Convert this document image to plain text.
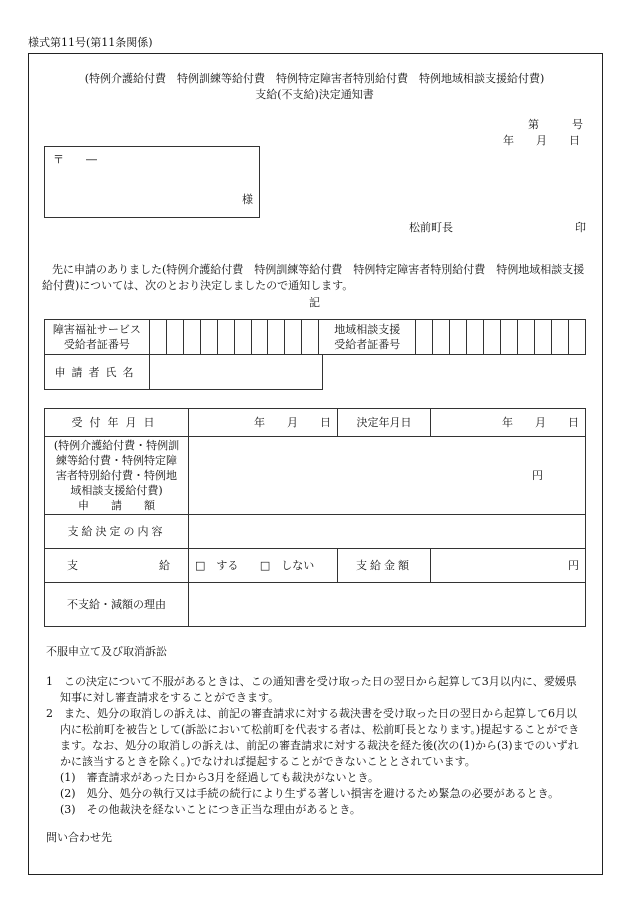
様式第11号(第11条関係)
(特例介護給付費　特例訓練等給付費　特例特定障害者特別給付費　特例地域相談支援給付費)
支給(不支給)決定通知書
第　　　号
年　　月　　日
〒　　―
様
松前町長	印
先に申請のありました(特例介護給付費　特例訓練等給付費　特例特定障害者特別給付費　特例地域相談支援給付費)については、次のとおり決定しましたので通知します。
記
障害福祉サービス
受給者証番号											地域相談支援
受給者証番号										
申請者氏名	
受付年月日	年　　月　　日	決定年月日	年　　月　　日

(特例介護給付費・特例訓練等給付費・特例特定障害者特別給付費・特例地域相談支援給付費)
申　　請　　額	円		
支給決定の内容			

支 給	□　する □　しない	支給金額	円
不支給・減額の理由			

不服申立て及び取消訴訟

1　この決定について不服があるときは、この通知書を受け取った日の翌日から起算して3月以内に、愛媛県知事に対し審査請求をすることができます。

2　また、処分の取消しの訴えは、前記の審査請求に対する裁決書を受け取った日の翌日から起算して6月以内に松前町を被告として(訴訟において松前町を代表する者は、松前町長となります。)提起することができます。なお、処分の取消しの訴えは、前記の審査請求に対する裁決を経た後(次の(1)から(3)までのいずれかに該当するときを除く。)でなければ提起することができないこととされています。

(1)　審査請求があった日から3月を経過しても裁決がないとき。

(2)　処分、処分の執行又は手続の続行により生ずる著しい損害を避けるため緊急の必要があるとき。

(3)　その他裁決を経ないことにつき正当な理由があるとき。

問い合わせ先
